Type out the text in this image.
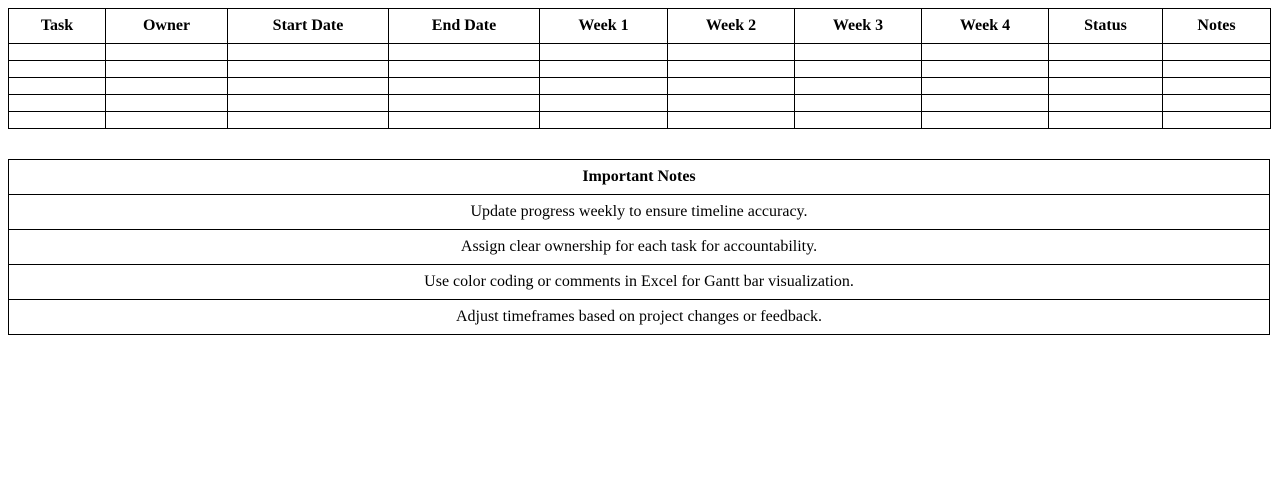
Task	Owner	Start Date	End Date	Week 1	Week 2	Week 3	Week 4	Status	Notes

Important Notes
Update progress weekly to ensure timeline accuracy.
Assign clear ownership for each task for accountability.
Use color coding or comments in Excel for Gantt bar visualization.
Adjust timeframes based on project changes or feedback.
